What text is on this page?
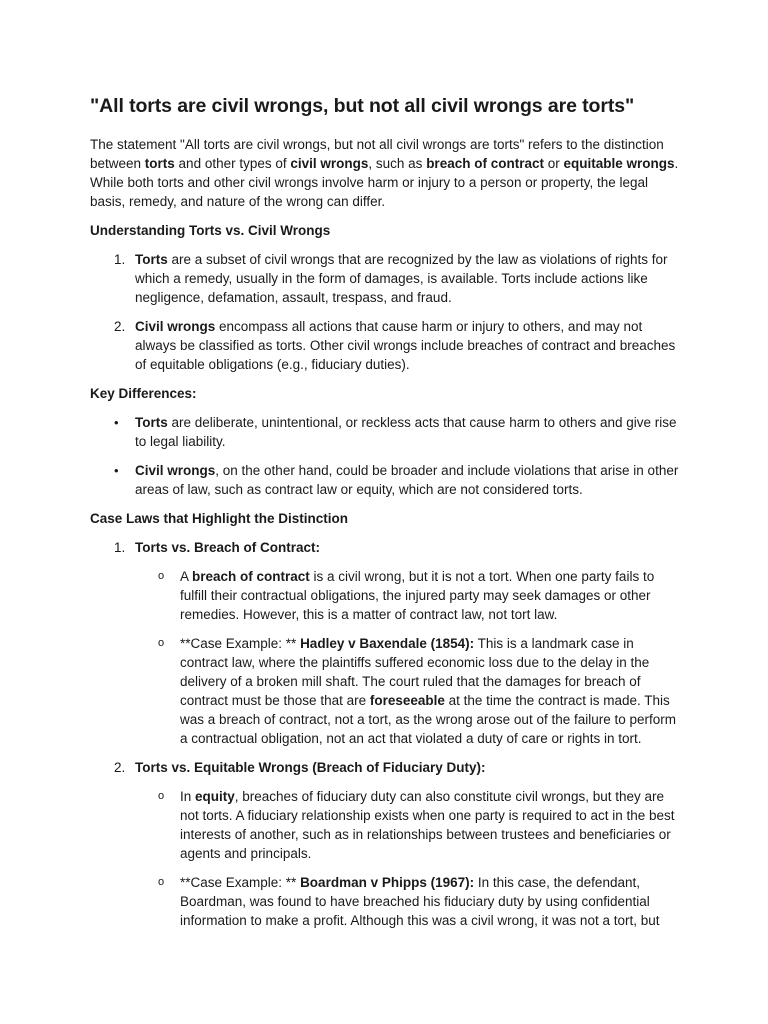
"All torts are civil wrongs, but not all civil wrongs are torts"

The statement "All torts are civil wrongs, but not all civil wrongs are torts" refers to the distinction between torts and other types of civil wrongs, such as breach of contract or equitable wrongs. While both torts and other civil wrongs involve harm or injury to a person or property, the legal basis, remedy, and nature of the wrong can differ.

Understanding Torts vs. Civil Wrongs

1. Torts are a subset of civil wrongs that are recognized by the law as violations of rights for which a remedy, usually in the form of damages, is available. Torts include actions like negligence, defamation, assault, trespass, and fraud.
2. Civil wrongs encompass all actions that cause harm or injury to others, and may not always be classified as torts. Other civil wrongs include breaches of contract and breaches of equitable obligations (e.g., fiduciary duties).

Key Differences:

• Torts are deliberate, unintentional, or reckless acts that cause harm to others and give rise to legal liability.
• Civil wrongs, on the other hand, could be broader and include violations that arise in other areas of law, such as contract law or equity, which are not considered torts.

Case Laws that Highlight the Distinction

1. Torts vs. Breach of Contract:
o A breach of contract is a civil wrong, but it is not a tort. When one party fails to fulfill their contractual obligations, the injured party may seek damages or other remedies. However, this is a matter of contract law, not tort law.
o **Case Example: ** Hadley v Baxendale (1854): This is a landmark case in contract law, where the plaintiffs suffered economic loss due to the delay in the delivery of a broken mill shaft. The court ruled that the damages for breach of contract must be those that are foreseeable at the time the contract is made. This was a breach of contract, not a tort, as the wrong arose out of the failure to perform a contractual obligation, not an act that violated a duty of care or rights in tort.
2. Torts vs. Equitable Wrongs (Breach of Fiduciary Duty):
o In equity, breaches of fiduciary duty can also constitute civil wrongs, but they are not torts. A fiduciary relationship exists when one party is required to act in the best interests of another, such as in relationships between trustees and beneficiaries or agents and principals.
o **Case Example: ** Boardman v Phipps (1967): In this case, the defendant, Boardman, was found to have breached his fiduciary duty by using confidential information to make a profit. Although this was a civil wrong, it was not a tort, but
